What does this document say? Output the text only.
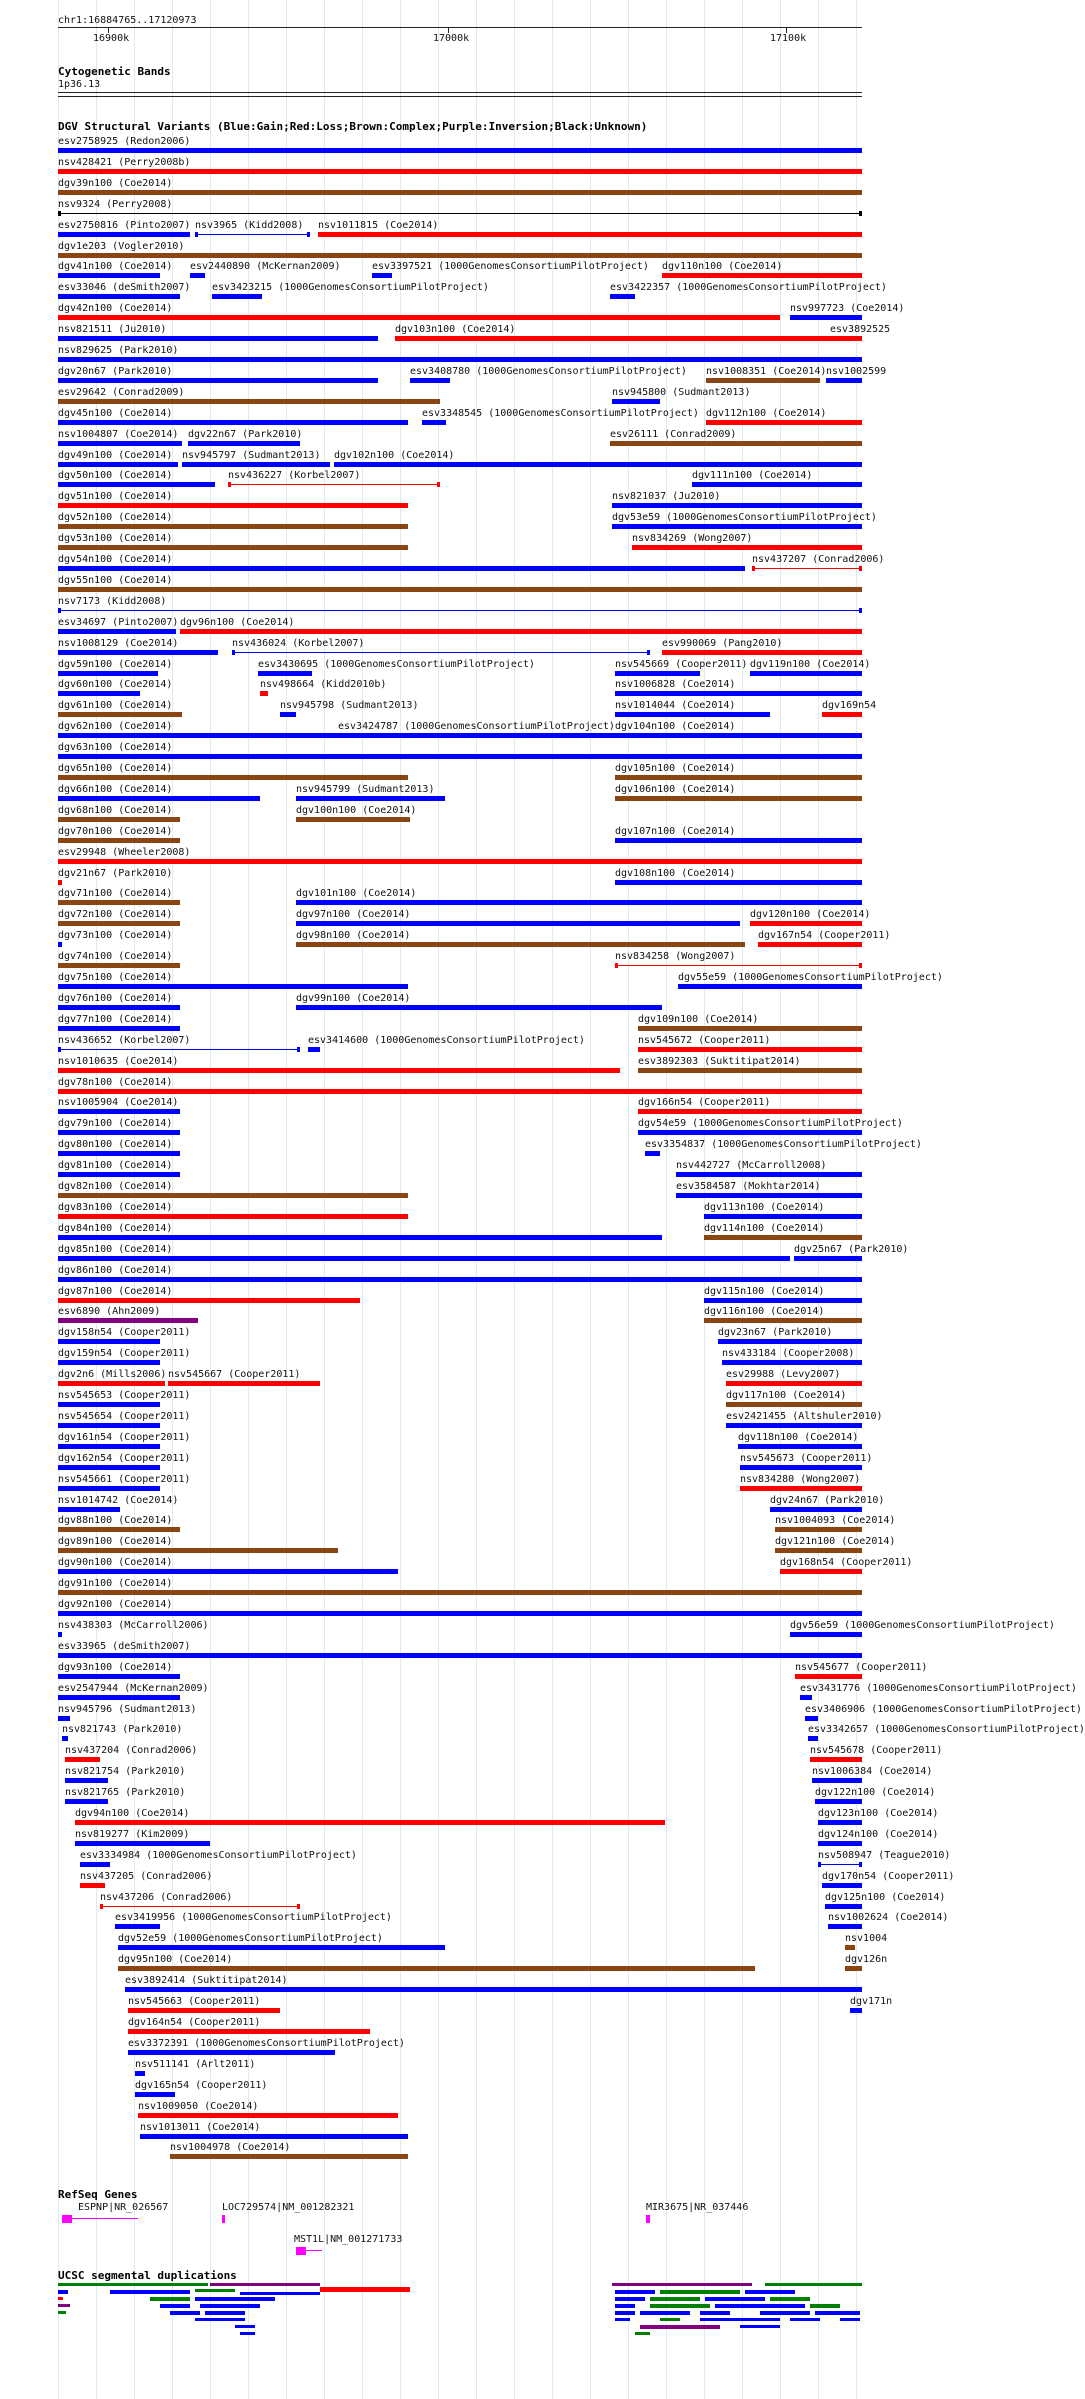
chr1:16884765..17120973
16900k	17000k	17100k
Cytogenetic Bands
1p36.13
DGV Structural Variants (Blue:Gain;Red:Loss;Brown:Complex;Purple:Inversion;Black:Unknown)
RefSeq Genes
UCSC segmental duplications
esv2758925 (Redon2006)
nsv428421 (Perry2008b)
dgv39n100 (Coe2014)
nsv9324 (Perry2008)
esv2750816 (Pinto2007) nsv3965 (Kidd2008) nsv1011815 (Coe2014)
dgv1e203 (Vogler2010)
dgv41n100 (Coe2014) esv2440890 (McKernan2009)	esv3397521 (1000GenomesConsortiumPilotProject) dgv110n100 (Coe2014)
esv33046 (deSmith2007) esv3423215 (1000GenomesConsortiumPilotProject)	esv3422357 (1000GenomesConsortiumPilotProject)
dgv42n100 (Coe2014)	nsv997723 (Coe2014)
nsv821511 (Ju2010)	dgv103n100 (Coe2014)	esv3892525
nsv829625 (Park2010)
dgv20n67 (Park2010)	esv3408780 (1000GenomesConsortiumPilotProject) nsv1008351 (Coe2014) nsv1002599
esv29642 (Conrad2009)	nsv945800 (Sudmant2013)
dgv45n100 (Coe2014)	esv3348545 (1000GenomesConsortiumPilotProject) dgv112n100 (Coe2014)
nsv1004807 (Coe2014) dgv22n67 (Park2010)	esv26111 (Conrad2009)
dgv49n100 (Coe2014) nsv945797 (Sudmant2013) dgv102n100 (Coe2014)
dgv50n100 (Coe2014)	nsv436227 (Korbel2007)	dgv111n100 (Coe2014)
dgv51n100 (Coe2014)	nsv821037 (Ju2010)
dgv52n100 (Coe2014)	dgv53e59 (1000GenomesConsortiumPilotProject)
dgv53n100 (Coe2014)	nsv834269 (Wong2007)
dgv54n100 (Coe2014)	nsv437207 (Conrad2006)
dgv55n100 (Coe2014)
nsv7173 (Kidd2008)
esv34697 (Pinto2007) dgv96n100 (Coe2014)
nsv1008129 (Coe2014)	nsv436024 (Korbel2007)	esv990069 (Pang2010)
dgv59n100 (Coe2014)	esv3430695 (1000GenomesConsortiumPilotProject)	nsv545669 (Cooper2011) dgv119n100 (Coe2014)
dgv60n100 (Coe2014)	nsv498664 (Kidd2010b)	nsv1006828 (Coe2014)
dgv61n100 (Coe2014)	nsv945798 (Sudmant2013)	nsv1014044 (Coe2014)	dgv169n54
dgv62n100 (Coe2014)	esv3424787 (1000GenomesConsortiumPilotProject) dgv104n100 (Coe2014)
dgv63n100 (Coe2014)
dgv65n100 (Coe2014)	dgv105n100 (Coe2014)
dgv66n100 (Coe2014)	nsv945799 (Sudmant2013)	dgv106n100 (Coe2014)
dgv68n100 (Coe2014)	dgv100n100 (Coe2014)
dgv70n100 (Coe2014)	dgv107n100 (Coe2014)
esv29948 (Wheeler2008)
dgv21n67 (Park2010)	dgv108n100 (Coe2014)
dgv71n100 (Coe2014)	dgv101n100 (Coe2014)
dgv72n100 (Coe2014)	dgv97n100 (Coe2014)	dgv120n100 (Coe2014)
dgv73n100 (Coe2014)	dgv98n100 (Coe2014)	dgv167n54 (Cooper2011)
dgv74n100 (Coe2014)	nsv834258 (Wong2007)
dgv75n100 (Coe2014)	dgv55e59 (1000GenomesConsortiumPilotProject)
dgv76n100 (Coe2014)	dgv99n100 (Coe2014)
dgv77n100 (Coe2014)	dgv109n100 (Coe2014)
nsv436652 (Korbel2007)	esv3414600 (1000GenomesConsortiumPilotProject)	nsv545672 (Cooper2011)
nsv1010635 (Coe2014)	esv3892303 (Suktitipat2014)
dgv78n100 (Coe2014)
nsv1005904 (Coe2014)	dgv166n54 (Cooper2011)
dgv79n100 (Coe2014)	dgv54e59 (1000GenomesConsortiumPilotProject)
dgv80n100 (Coe2014)	esv3354837 (1000GenomesConsortiumPilotProject)
dgv81n100 (Coe2014)	nsv442727 (McCarroll2008)
dgv82n100 (Coe2014)	esv3584587 (Mokhtar2014)
dgv83n100 (Coe2014)	dgv113n100 (Coe2014)
dgv84n100 (Coe2014)	dgv114n100 (Coe2014)
dgv85n100 (Coe2014)	dgv25n67 (Park2010)
dgv86n100 (Coe2014)
dgv87n100 (Coe2014)	dgv115n100 (Coe2014)
esv6890 (Ahn2009)	dgv116n100 (Coe2014)
dgv158n54 (Cooper2011)	dgv23n67 (Park2010)
dgv159n54 (Cooper2011)	nsv433184 (Cooper2008)
dgv2n6 (Mills2006) nsv545667 (Cooper2011)	esv29988 (Levy2007)
nsv545653 (Cooper2011)	dgv117n100 (Coe2014)
nsv545654 (Cooper2011)	esv2421455 (Altshuler2010)
dgv161n54 (Cooper2011)	dgv118n100 (Coe2014)
dgv162n54 (Cooper2011)	nsv545673 (Cooper2011)
nsv545661 (Cooper2011)	nsv834280 (Wong2007)
nsv1014742 (Coe2014)	dgv24n67 (Park2010)
dgv88n100 (Coe2014)	nsv1004093 (Coe2014)
dgv89n100 (Coe2014)	dgv121n100 (Coe2014)
dgv90n100 (Coe2014)	dgv168n54 (Cooper2011)
dgv91n100 (Coe2014)
dgv92n100 (Coe2014)
nsv438303 (McCarroll2006)	dgv56e59 (1000GenomesConsortiumPilotProject)
esv33965 (deSmith2007)
dgv93n100 (Coe2014)	nsv545677 (Cooper2011)
esv2547944 (McKernan2009)	esv3431776 (1000GenomesConsortiumPilotProject)
nsv945796 (Sudmant2013)	esv3406906 (1000GenomesConsortiumPilotProject)
nsv821743 (Park2010)	esv3342657 (1000GenomesConsortiumPilotProject)
nsv437204 (Conrad2006)	nsv545678 (Cooper2011)
nsv821754 (Park2010)	nsv1006384 (Coe2014)
nsv821765 (Park2010)	dgv122n100 (Coe2014)
dgv94n100 (Coe2014)	dgv123n100 (Coe2014)
nsv819277 (Kim2009)	dgv124n100 (Coe2014)
esv3334984 (1000GenomesConsortiumPilotProject)	nsv508947 (Teague2010)
nsv437205 (Conrad2006)	dgv170n54 (Cooper2011)
nsv437206 (Conrad2006)	dgv125n100 (Coe2014)
esv3419956 (1000GenomesConsortiumPilotProject)	nsv1002624 (Coe2014)
dgv52e59 (1000GenomesConsortiumPilotProject)	nsv1004
dgv95n100 (Coe2014)	dgv126n
esv3892414 (Suktitipat2014)
nsv545663 (Cooper2011)	dgv171n
dgv164n54 (Cooper2011)
esv3372391 (1000GenomesConsortiumPilotProject)
nsv511141 (Arlt2011)
dgv165n54 (Cooper2011)
nsv1009050 (Coe2014)
nsv1013011 (Coe2014)
nsv1004978 (Coe2014)
ESPNP|NR_026567	LOC729574|NM_001282321	MIR3675|NR_037446
MST1L|NM_001271733
